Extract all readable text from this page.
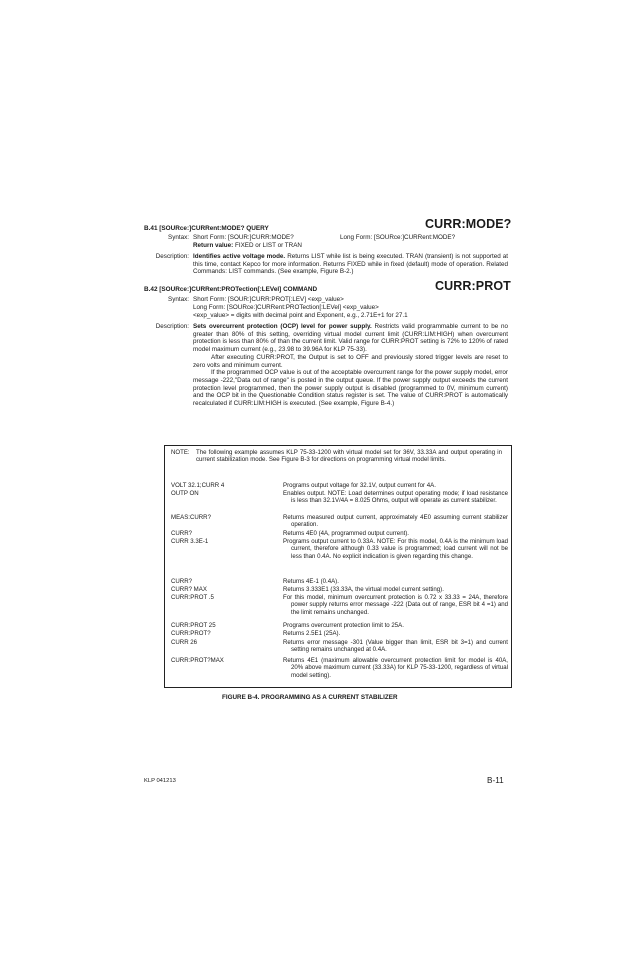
B.41 [SOURce:]CURRent:MODE? QUERY	CURR:MODE?
Syntax: Short Form: [SOUR:]CURR:MODE?	Long Form: [SOURce:]CURRent:MODE?
Return value: FIXED or LIST or TRAN
Description: Identifies active voltage mode. Returns LIST while list is being executed. TRAN (transient) is not supported at this time, contact Kepco for more information. Returns FIXED while in fixed (default) mode of operation. Related Commands: LIST commands. (See example, Figure B-2.)
B.42 [SOURce:]CURRent:PROTection[:LEVel] COMMAND	CURR:PROT
Syntax: Short Form: [SOUR:]CURR:PROT[:LEV] <exp_value>
Long Form: [SOURce:]CURRent:PROTection[:LEVel] <exp_value>
<exp_value> = digits with decimal point and Exponent, e.g., 2.71E+1 for 27.1
Description: Sets overcurrent protection (OCP) level for power supply. Restricts valid programmable current to be no greater than 80% of this setting, overriding virtual model current limit (CURR:LIM:HIGH) when overcurrent protection is less than 80% of than the current limit. Valid range for CURR:PROT setting is 72% to 120% of rated model maximum current (e.g., 23.98 to 39.96A for KLP 75-33).
After executing CURR:PROT, the Output is set to OFF and previously stored trigger levels are reset to zero volts and minimum current.
If the programmed OCP value is out of the acceptable overcurrent range for the power supply model, error message -222,"Data out of range" is posted in the output queue. If the power supply output exceeds the current protection level programmed, then the power supply output is disabled (programmed to 0V, minimum current) and the OCP bit in the Questionable Condition status register is set. The value of CURR:PROT is automatically recalculated if CURR:LIM:HIGH is executed. (See example, Figure B-4.)
NOTE:	The following example assumes KLP 75-33-1200 with virtual model set for 36V, 33.33A and output operating in current stabilization mode. See Figure B-3 for directions on programming virtual model limits.
VOLT 32.1;CURR 4	Programs output voltage for 32.1V, output current for 4A.
OUTP ON	Enables output. NOTE: Load determines output operating mode; if load resistance is less than 32.1V/4A = 8.025 Ohms, output will operate as current stabilizer.
MEAS:CURR?	Returns measured output current, approximately 4E0 assuming current stabilizer operation.
CURR?	Returns 4E0 (4A, programmed output current).
CURR 3.3E-1	Programs output current to 0.33A. NOTE: For this model, 0.4A is the minimum load current, therefore although 0.33 value is programmed; load current will not be less than 0.4A. No explicit indication is given regarding this change.
CURR?	Returns 4E-1 (0.4A).
CURR? MAX	Returns 3.333E1 (33.33A, the virtual model current setting).
CURR:PROT .5	For this model, minimum overcurrent protection is 0.72 x 33.33 = 24A, therefore power supply returns error message -222 (Data out of range, ESR bit 4 =1) and the limit remains unchanged.
CURR:PROT 25	Programs overcurrent protection limit to 25A.
CURR:PROT?	Returns 2.5E1 (25A).
CURR 26	Returns error message -301 (Value bigger than limit, ESR bit 3=1) and current setting remains unchanged at 0.4A.
CURR:PROT?MAX	Returns 4E1 (maximum allowable overcurrent protection limit for model is 40A, 20% above maximum current (33.33A) for KLP 75-33-1200, regardless of virtual model setting).
FIGURE B-4. PROGRAMMING AS A CURRENT STABILIZER
KLP 041213	B-11
